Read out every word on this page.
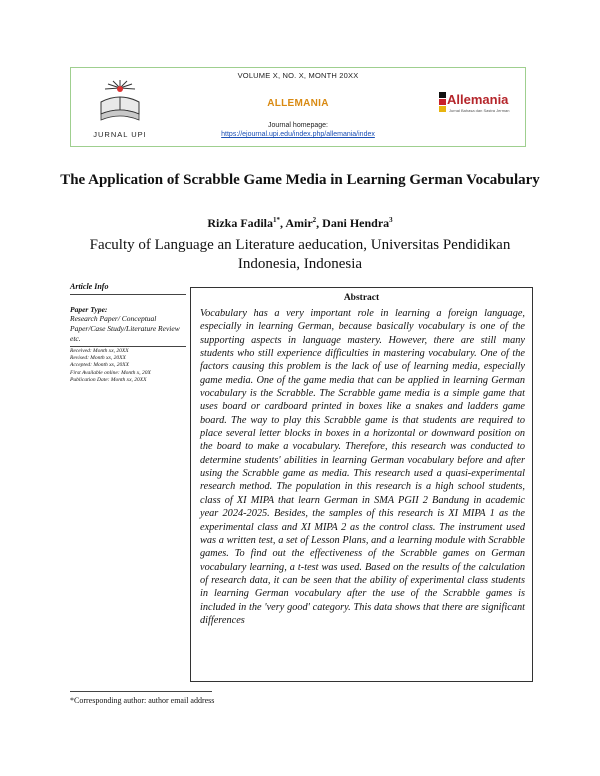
JURNAL UPI
VOLUME X, NO. X, MONTH 20XX
ALLEMANIA
Journal homepage:
https://ejournal.upi.edu/index.php/allemania/index
Allemania
Jurnal Bahasa dan Sastra Jerman
The Application of Scrabble Game Media in Learning German Vocabulary
Rizka Fadila$^{1*}$, Amir$^2$, Dani Hendra$^3$
Faculty of Language an Literature aeducation, Universitas Pendidikan Indonesia, Indonesia
Article Info
Paper Type:
Research Paper/ Conceptual Paper/Case Study/Literature Review etc.
Received: Month xx, 20XX
Revised: Month xx, 20XX
Accepted: Month xx, 20XX
First Available online: Month x, 20X
Publication Date: Month xx, 20XX
Abstract
Vocabulary has a very important role in learning a foreign language, especially in learning German, because basically vocabulary is one of the supporting aspects in language mastery. However, there are still many students who still experience difficulties in mastering vocabulary. One of the factors causing this problem is the lack of use of learning media, especially game media. One of the game media that can be applied in learning German vocabulary is the Scrabble. The Scrabble game media is a simple game that uses board or cardboard printed in boxes like a snakes and ladders game board. The way to play this Scrabble game is that students are required to place several letter blocks in boxes in a horizontal or downward position on the board to make a vocabulary. Therefore, this research was conducted to determine students' abilities in learning German vocabulary before and after using the Scrabble game as media. This research used a quasi-experimental research method. The population in this research is a high school students, class of XI MIPA that learn German in SMA PGII 2 Bandung in academic year 2024-2025. Besides, the samples of this research is XI MIPA 1 as the experimental class and XI MIPA 2 as the control class. The instrument used was a written test, a set of Lesson Plans, and a learning module with Scrabble games. To find out the effectiveness of the Scrabble games on German vocabulary learning, a t-test was used. Based on the results of the calculation of research data, it can be seen that the ability of experimental class students in learning German vocabulary after the use of the Scrabble games is included in the 'very good' category. This data shows that there are significant differences
*Corresponding author: author email address
